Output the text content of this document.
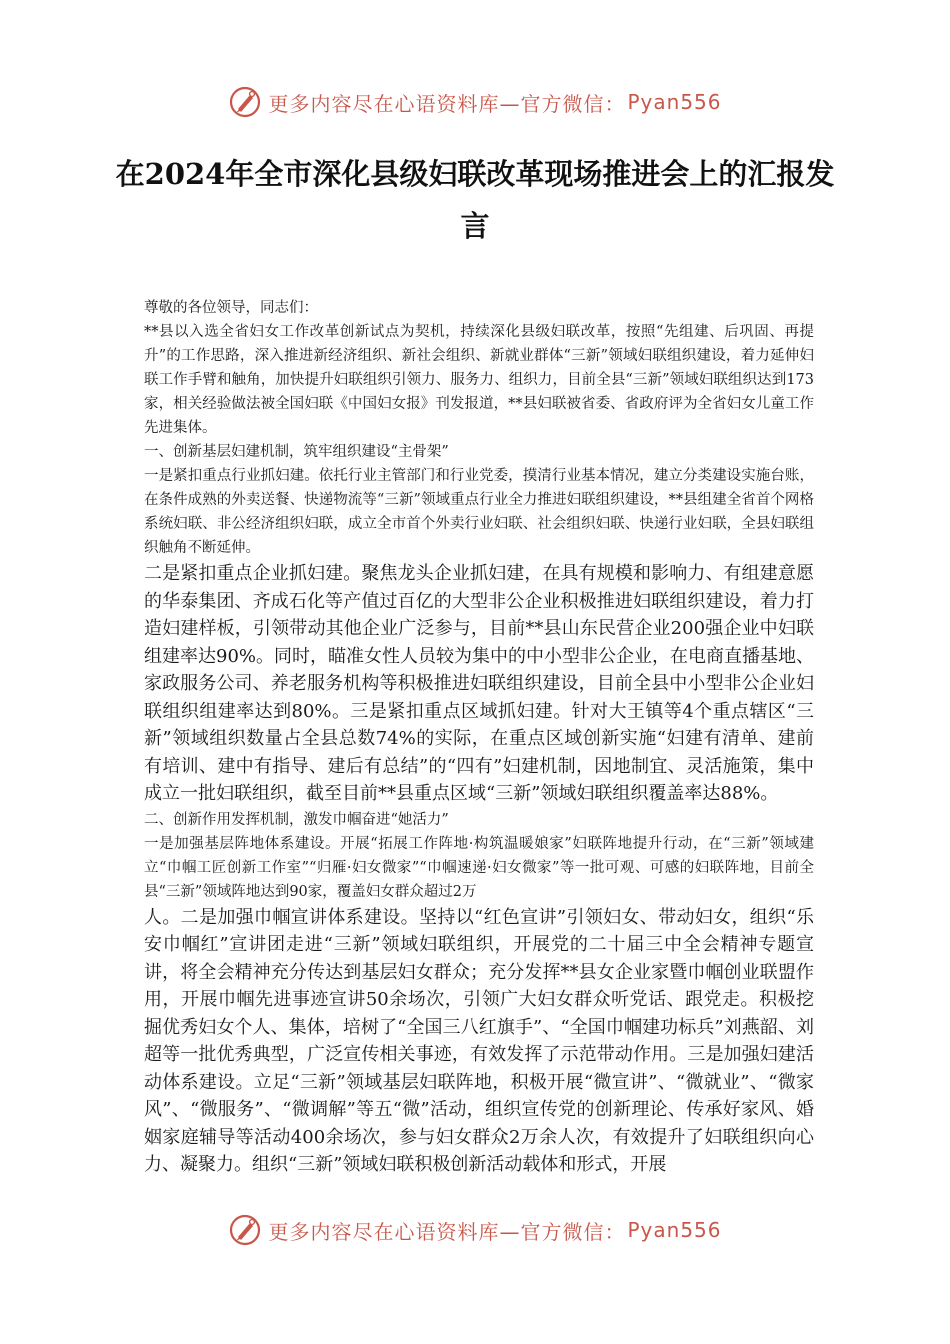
更多内容尽在心语资料库—官方微信： Pyan556
在2024年全市深化县级妇联改革现场推进会上的汇报发言

尊敬的各位领导，同志们：

**县以入选全省妇女工作改革创新试点为契机，持续深化县级妇联改革，按照“先组建、后巩固、再提升”的工作思路，深入推进新经济组织、新社会组织、新就业群体“三新”领域妇联组织建设，着力延伸妇联工作手臂和触角，加快提升妇联组织引领力、服务力、组织力，目前全县“三新”领域妇联组织达到173家，相关经验做法被全国妇联《中国妇女报》刊发报道，**县妇联被省委、省政府评为全省妇女儿童工作先进集体。

一、创新基层妇建机制，筑牢组织建设“主骨架”

一是紧扣重点行业抓妇建。依托行业主管部门和行业党委，摸清行业基本情况，建立分类建设实施台账，在条件成熟的外卖送餐、快递物流等“三新”领域重点行业全力推进妇联组织建设，**县组建全省首个网格系统妇联、非公经济组织妇联，成立全市首个外卖行业妇联、社会组织妇联、快递行业妇联，全县妇联组织触角不断延伸。

二是紧扣重点企业抓妇建。聚焦龙头企业抓妇建，在具有规模和影响力、有组建意愿的华泰集团、齐成石化等产值过百亿的大型非公企业积极推进妇联组织建设，着力打造妇建样板，引领带动其他企业广泛参与，目前**县山东民营企业200强企业中妇联组建率达90%。同时，瞄准女性人员较为集中的中小型非公企业，在电商直播基地、家政服务公司、养老服务机构等积极推进妇联组织建设，目前全县中小型非公企业妇联组织组建率达到80%。三是紧扣重点区域抓妇建。针对大王镇等4个重点辖区“三新”领域组织数量占全县总数74%的实际，在重点区域创新实施“妇建有清单、建前有培训、建中有指导、建后有总结”的“四有”妇建机制，因地制宜、灵活施策，集中成立一批妇联组织，截至目前**县重点区域“三新”领域妇联组织覆盖率达88%。

二、创新作用发挥机制，激发巾帼奋进“她活力”

一是加强基层阵地体系建设。开展“拓展工作阵地·构筑温暖娘家”妇联阵地提升行动，在“三新”领域建立“巾帼工匠创新工作室”“归雁·妇女微家”“巾帼速递·妇女微家”等一批可观、可感的妇联阵地，目前全县“三新”领域阵地达到90家，覆盖妇女群众超过2万

人。二是加强巾帼宣讲体系建设。坚持以“红色宣讲”引领妇女、带动妇女，组织“乐安巾帼红”宣讲团走进“三新”领域妇联组织，开展党的二十届三中全会精神专题宣讲，将全会精神充分传达到基层妇女群众；充分发挥**县女企业家暨巾帼创业联盟作用，开展巾帼先进事迹宣讲50余场次，引领广大妇女群众听党话、跟党走。积极挖掘优秀妇女个人、集体，培树了“全国三八红旗手”、“全国巾帼建功标兵”刘燕韶、刘超等一批优秀典型，广泛宣传相关事迹，有效发挥了示范带动作用。三是加强妇建活动体系建设。立足“三新”领域基层妇联阵地，积极开展“微宣讲”、“微就业”、“微家风”、“微服务”、“微调解”等五“微”活动，组织宣传党的创新理论、传承好家风、婚姻家庭辅导等活动400余场次，参与妇女群众2万余人次，有效提升了妇联组织向心力、凝聚力。组织“三新”领域妇联积极创新活动载体和形式，开展

更多内容尽在心语资料库—官方微信： Pyan556
